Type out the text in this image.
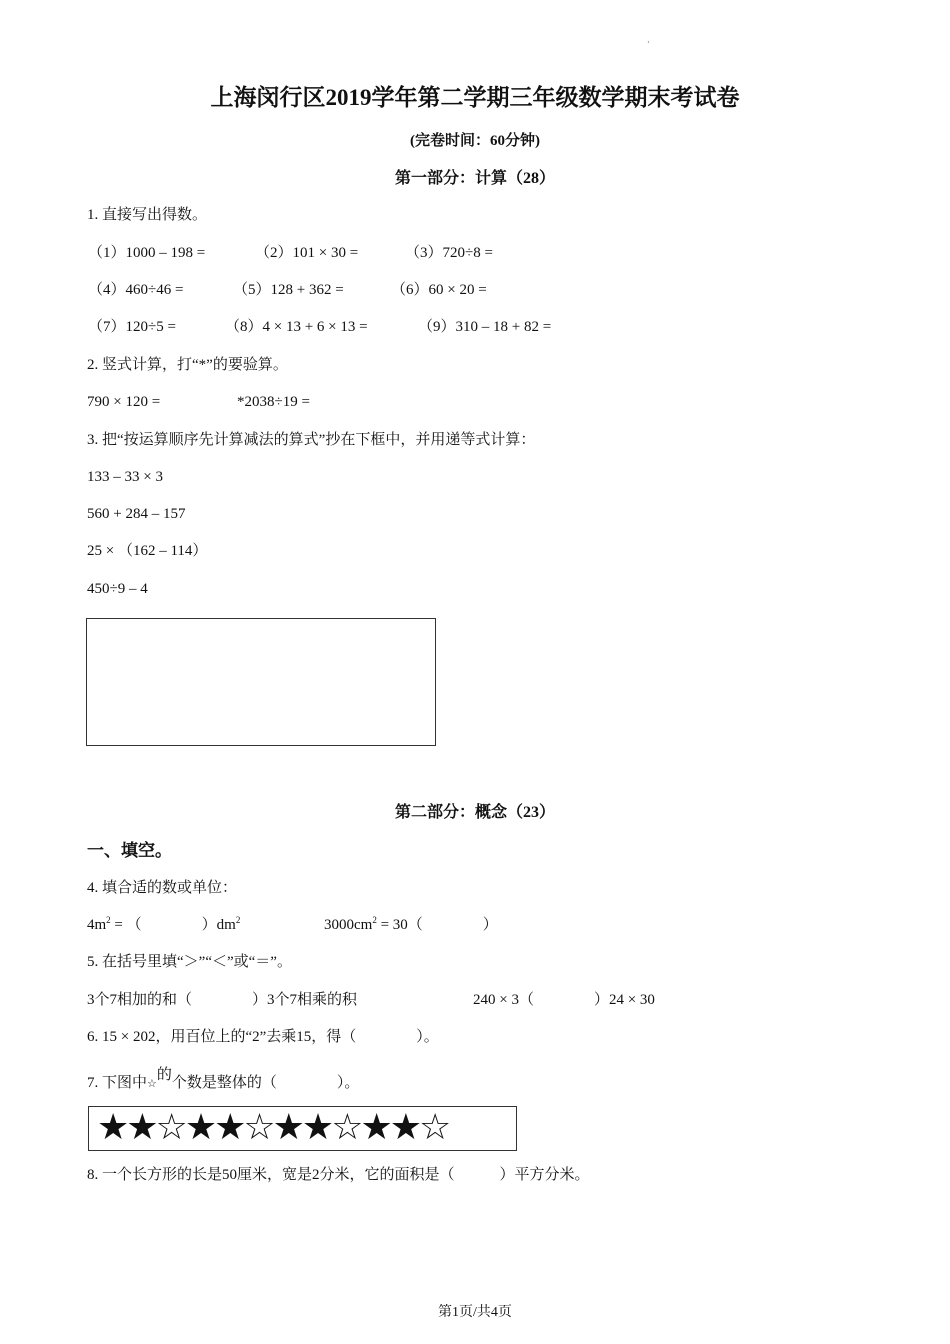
·
上海闵行区2019学年第二学期三年级数学期末考试卷
(完卷时间：60分钟)
第一部分：计算（28）
1. 直接写出得数。
（1）1000 – 198 =	（2）101 × 30 =	（3）720÷8 =
（4）460÷46 =	（5）128 + 362 =	（6）60 × 20 =
（7）120÷5 =	（8）4 × 13 + 6 × 13 =	（9）310 – 18 + 82 =
2. 竖式计算，打“*”的要验算。
790 × 120 =	*2038÷19 =
3. 把“按运算顺序先计算减法的算式”抄在下框中，并用递等式计算：
133 – 33 × 3
560 + 284 – 157
25 × （162 – 114）
450÷9 – 4
第二部分：概念（23）
一、填空。
4. 填合适的数或单位：
$4m^2$ = （　　　　）$dm^2$	$3000cm^2 = 30$（　　　　）
5. 在括号里填“＞”“＜”或“＝”。
3个7相加的和（　　　　）3个7相乘的积	240 × 3（　　　　）24 × 30
6. 15 × 202，用百位上的“2”去乘15，得（　　　　）。
7. 下图中☆的个数是整体的（　　　　）。
★★☆★★☆★★☆★★☆
8. 一个长方形的长是50厘米，宽是2分米，它的面积是（　　　）平方分米。
第1页/共4页
